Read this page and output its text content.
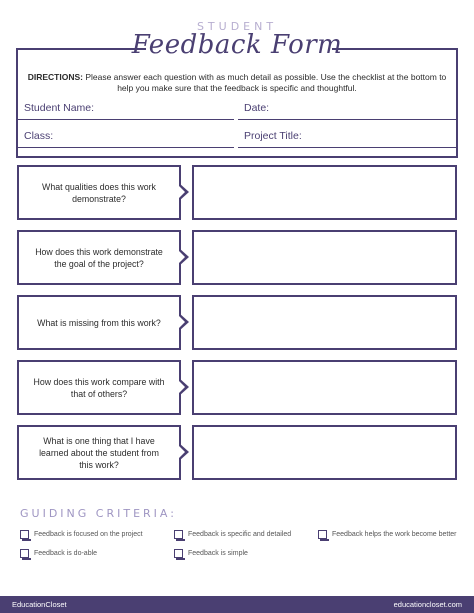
STUDENT
Feedback Form
DIRECTIONS: Please answer each question with as much detail as possible. Use the checklist at the bottom to help you make sure that the feedback is specific and thoughtful.
Student Name:	Date:
Class:	Project Title:
What qualities does this work demonstrate?
How does this work demonstrate the goal of the project?
What is missing from this work?
How does this work compare with that of others?
What is one thing that I have learned about the student from this work?
GUIDING CRITERIA:
Feedback is focused on the project	Feedback is specific and detailed	Feedback helps the work become better
Feedback is do-able	Feedback is simple
EducationCloset	educationcloset.com
